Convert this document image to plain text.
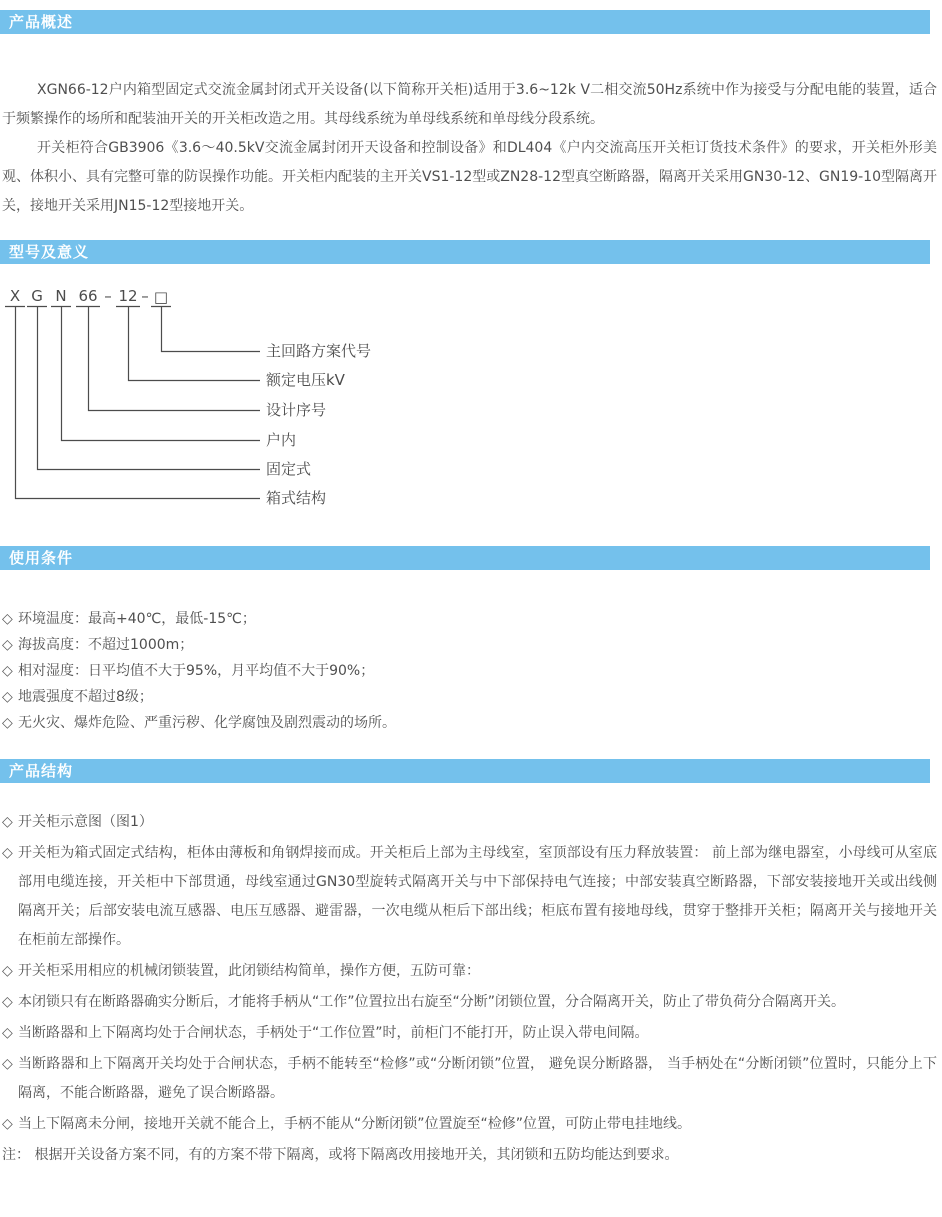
产品概述

XGN66-12户内箱型固定式交流金属封闭式开关设备(以下简称开关柜)适用于3.6~12k V二相交流50Hz系统中作为接受与分配电能的装置，适合于频繁操作的场所和配装油开关的开关柜改造之用。其母线系统为单母线系统和单母线分段系统。

开关柜符合GB3906《3.6～40.5kV交流金属封闭开天设备和控制设备》和DL404《户内交流高压开关柜订货技术条件》的要求，开关柜外形美观、体积小、具有完整可靠的防误操作功能。开关柜内配装的主开关VS1-12型或ZN28-12型真空断路器，隔离开关采用GN30-12、GN19-10型隔离开关，接地开关采用JN15-12型接地开关。

型号及意义
X G N 66 – 12 – □
主回路方案代号
额定电压kV
设计序号
户内
固定式
箱式结构
使用条件
◇ 环境温度：最高+40℃，最低-15℃；
◇ 海拔高度：不超过1000m；
◇ 相对湿度：日平均值不大于95%，月平均值不大于90%；
◇ 地震强度不超过8级；
◇ 无火灾、爆炸危险、严重污秽、化学腐蚀及剧烈震动的场所。
产品结构
◇ 开关柜示意图（图1）
◇ 开关柜为箱式固定式结构，柜体由薄板和角钢焊接而成。开关柜后上部为主母线室，室顶部设有压力释放装置： 前上部为继电器室，小母线可从室底部用电缆连接，开关柜中下部贯通，母线室通过GN30型旋转式隔离开关与中下部保持电气连接；中部安装真空断路器，下部安装接地开关或出线侧隔离开关；后部安装电流互感器、电压互感器、避雷器，一次电缆从柜后下部出线；柜底布置有接地母线，贯穿于整排开关柜；隔离开关与接地开关在柜前左部操作。
◇ 开关柜采用相应的机械闭锁装置，此闭锁结构简单，操作方便，五防可靠：
◇ 本闭锁只有在断路器确实分断后，才能将手柄从“工作”位置拉出右旋至“分断”闭锁位置，分合隔离开关，防止了带负荷分合隔离开关。
◇ 当断路器和上下隔离均处于合闸状态，手柄处于“工作位置”时，前柜门不能打开，防止误入带电间隔。
◇ 当断路器和上下隔离开关均处于合闸状态，手柄不能转至“检修”或“分断闭锁”位置， 避免误分断路器， 当手柄处在“分断闭锁”位置时，只能分上下隔离，不能合断路器，避免了误合断路器。
◇ 当上下隔离未分闸，接地开关就不能合上，手柄不能从“分断闭锁”位置旋至“检修”位置，可防止带电挂地线。
注： 根据开关设备方案不同，有的方案不带下隔离，或将下隔离改用接地开关，其闭锁和五防均能达到要求。
